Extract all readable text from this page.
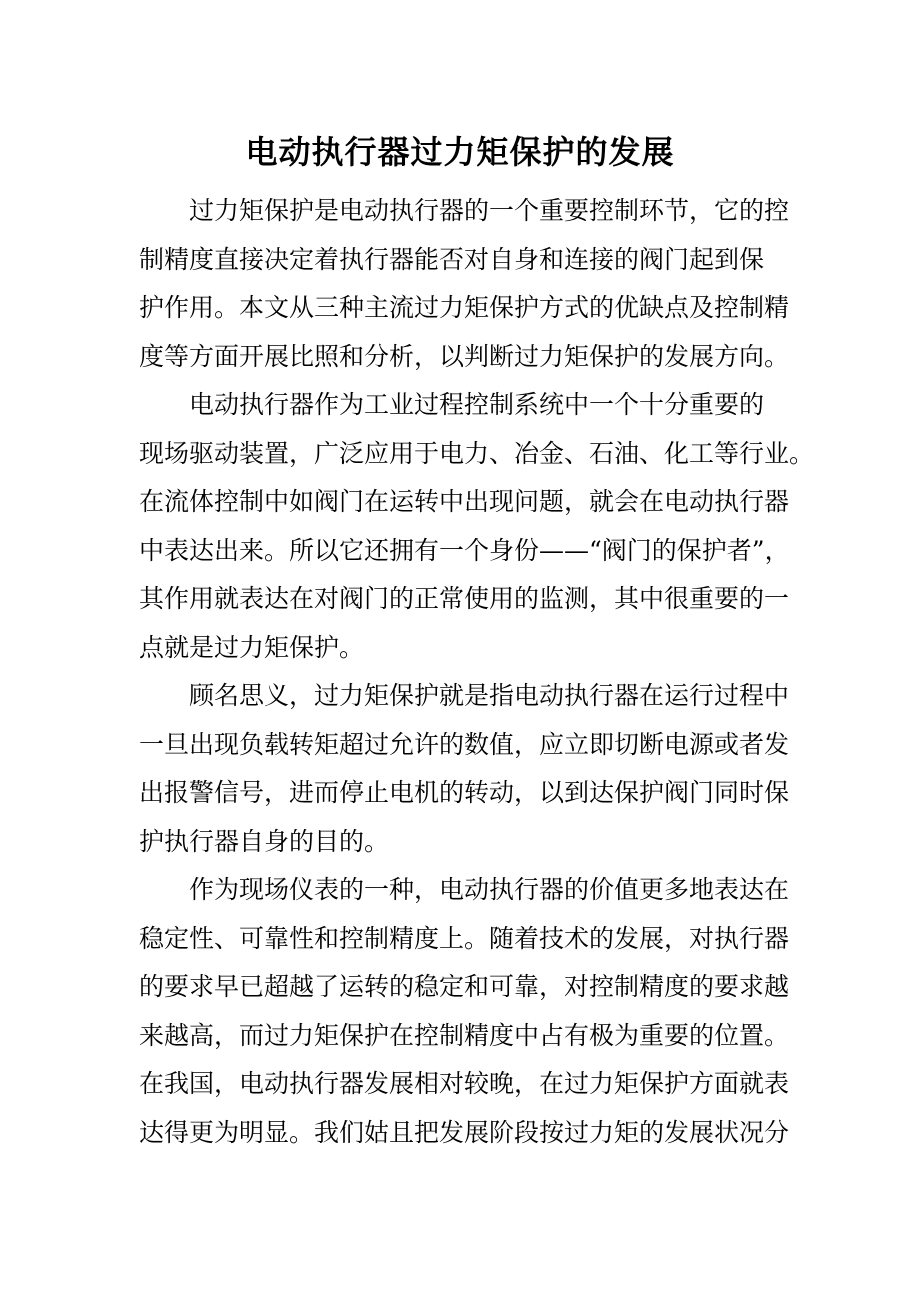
电动执行器过力矩保护的发展
过力矩保护是电动执行器的一个重要控制环节，它的控
制精度直接决定着执行器能否对自身和连接的阀门起到保
护作用。本文从三种主流过力矩保护方式的优缺点及控制精
度等方面开展比照和分析，以判断过力矩保护的发展方向。
电动执行器作为工业过程控制系统中一个十分重要的
现场驱动装置，广泛应用于电力、冶金、石油、化工等行业。
在流体控制中如阀门在运转中出现问题，就会在电动执行器
中表达出来。所以它还拥有一个身份——“阀门的保护者”，
其作用就表达在对阀门的正常使用的监测，其中很重要的一
点就是过力矩保护。
顾名思义，过力矩保护就是指电动执行器在运行过程中
一旦出现负载转矩超过允许的数值，应立即切断电源或者发
出报警信号，进而停止电机的转动，以到达保护阀门同时保
护执行器自身的目的。
作为现场仪表的一种，电动执行器的价值更多地表达在
稳定性、可靠性和控制精度上。随着技术的发展，对执行器
的要求早已超越了运转的稳定和可靠，对控制精度的要求越
来越高，而过力矩保护在控制精度中占有极为重要的位置。
在我国，电动执行器发展相对较晚，在过力矩保护方面就表
达得更为明显。我们姑且把发展阶段按过力矩的发展状况分
